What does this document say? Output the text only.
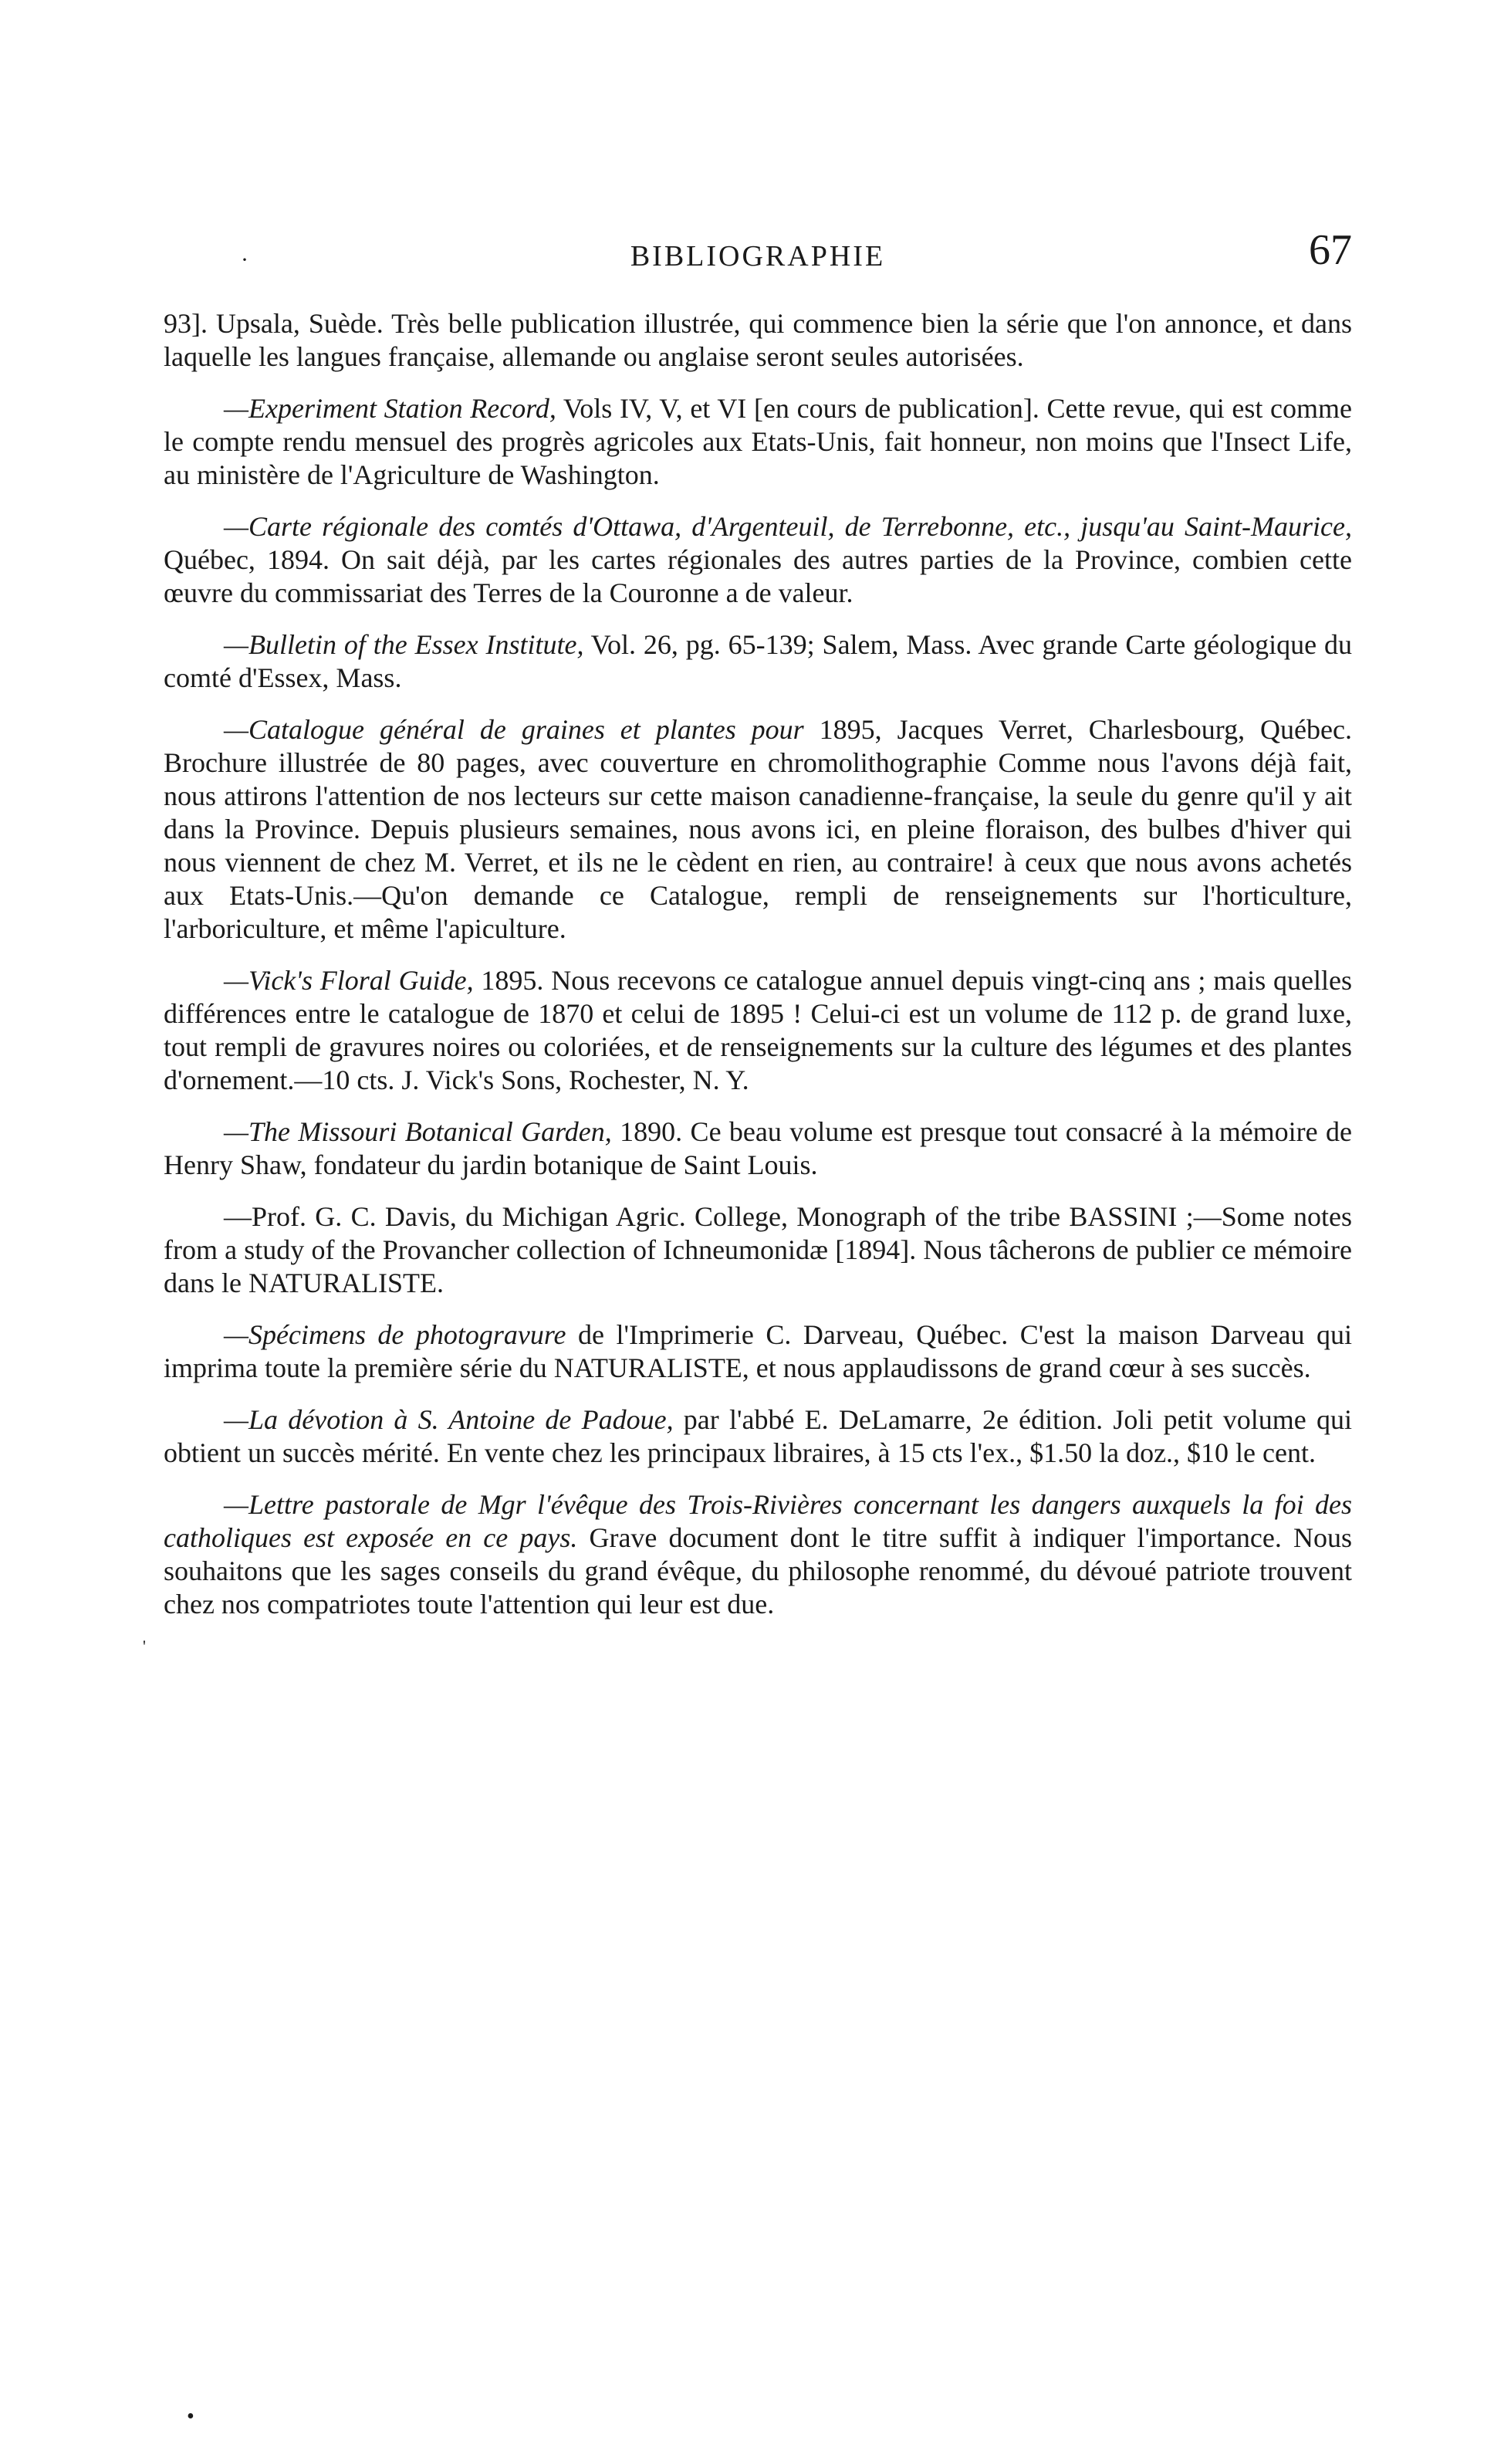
·	BIBLIOGRAPHIE	67

93]. Upsala, Suède. Très belle publication illustrée, qui commence bien la série que l'on annonce, et dans laquelle les langues française, allemande ou anglaise seront seules autorisées.

—Experiment Station Record, Vols IV, V, et VI [en cours de publication]. Cette revue, qui est comme le compte rendu mensuel des progrès agricoles aux Etats-Unis, fait honneur, non moins que l'Insect Life, au ministère de l'Agriculture de Washington.

—Carte régionale des comtés d'Ottawa, d'Argenteuil, de Terrebonne, etc., jusqu'au Saint-Maurice, Québec, 1894. On sait déjà, par les cartes régionales des autres parties de la Province, combien cette œuvre du commissariat des Terres de la Couronne a de valeur.

—Bulletin of the Essex Institute, Vol. 26, pg. 65-139; Salem, Mass. Avec grande Carte géologique du comté d'Essex, Mass.

—Catalogue général de graines et plantes pour 1895, Jacques Verret, Charlesbourg, Québec. Brochure illustrée de 80 pages, avec couverture en chromolithographie Comme nous l'avons déjà fait, nous attirons l'attention de nos lecteurs sur cette maison canadienne-française, la seule du genre qu'il y ait dans la Province. Depuis plusieurs semaines, nous avons ici, en pleine floraison, des bulbes d'hiver qui nous viennent de chez M. Verret, et ils ne le cèdent en rien, au contraire! à ceux que nous avons achetés aux Etats-Unis.—Qu'on demande ce Catalogue, rempli de renseignements sur l'horticulture, l'arboriculture, et même l'apiculture.

—Vick's Floral Guide, 1895. Nous recevons ce catalogue annuel depuis vingt-cinq ans ; mais quelles différences entre le catalogue de 1870 et celui de 1895 ! Celui-ci est un volume de 112 p. de grand luxe, tout rempli de gravures noires ou coloriées, et de renseignements sur la culture des légumes et des plantes d'ornement.—10 cts. J. Vick's Sons, Rochester, N. Y.

—The Missouri Botanical Garden, 1890. Ce beau volume est presque tout consacré à la mémoire de Henry Shaw, fondateur du jardin botanique de Saint Louis.

—Prof. G. C. Davis, du Michigan Agric. College, Monograph of the tribe BASSINI ;—Some notes from a study of the Provancher collection of Ichneumonidæ [1894]. Nous tâcherons de publier ce mémoire dans le NATURALISTE.

—Spécimens de photogravure de l'Imprimerie C. Darveau, Québec. C'est la maison Darveau qui imprima toute la première série du NATURALISTE, et nous applaudissons de grand cœur à ses succès.

—La dévotion à S. Antoine de Padoue, par l'abbé E. DeLamarre, 2e édition. Joli petit volume qui obtient un succès mérité. En vente chez les principaux libraires, à 15 cts l'ex., $1.50 la doz., $10 le cent.

—Lettre pastorale de Mgr l'évêque des Trois-Rivières concernant les dangers auxquels la foi des catholiques est exposée en ce pays. Grave document dont le titre suffit à indiquer l'importance. Nous souhaitons que les sages conseils du grand évêque, du philosophe renommé, du dévoué patriote trouvent chez nos compatriotes toute l'attention qui leur est due.

'
•
